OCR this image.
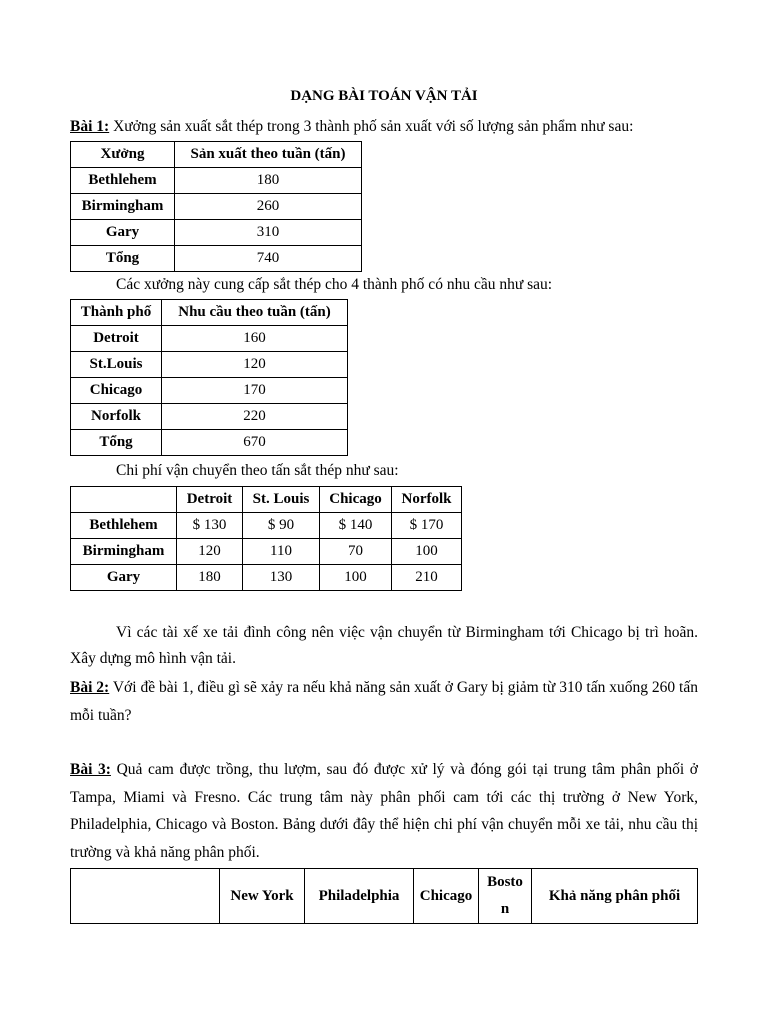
DẠNG BÀI TOÁN VẬN TẢI
Bài 1: Xưởng sản xuất sắt thép trong 3 thành phố sản xuất với số lượng sản phẩm như sau:
Xưởng	Sản xuất theo tuần (tấn)
Bethlehem	180
Birmingham	260
Gary	310
Tổng	740
Các xưởng này cung cấp sắt thép cho 4 thành phố có nhu cầu như sau:
Thành phố	Nhu cầu theo tuần (tấn)
Detroit	160
St.Louis	120
Chicago	170
Norfolk	220
Tổng	670
Chi phí vận chuyển theo tấn sắt thép như sau:
	Detroit	St. Louis	Chicago	Norfolk
Bethlehem	$ 130	$ 90	$ 140	$ 170
Birmingham	120	110	70	100
Gary	180	130	100	210
Vì các tài xế xe tải đình công nên việc vận chuyển từ Birmingham tới Chicago bị trì hoãn. Xây dựng mô hình vận tải.
Bài 2: Với đề bài 1, điều gì sẽ xảy ra nếu khả năng sản xuất ở Gary bị giảm từ 310 tấn xuống 260 tấn mỗi tuần?
Bài 3: Quả cam được trồng, thu lượm, sau đó được xử lý và đóng gói tại trung tâm phân phối ở Tampa, Miami và Fresno. Các trung tâm này phân phối cam tới các thị trường ở New York, Philadelphia, Chicago và Boston. Bảng dưới đây thể hiện chi phí vận chuyển mỗi xe tải, nhu cầu thị trường và khả năng phân phối.
	New York	Philadelphia	Chicago	Boston	Khả năng phân phối
